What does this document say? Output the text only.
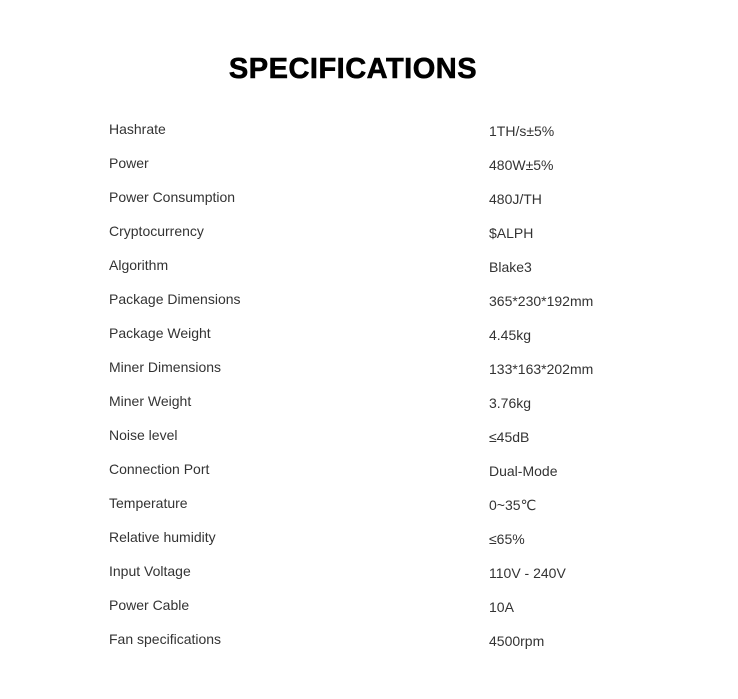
SPECIFICATIONS
Hashrate	1TH/s±5%
Power	480W±5%
Power Consumption	480J/TH
Cryptocurrency	$ALPH
Algorithm	Blake3
Package Dimensions	365*230*192mm
Package Weight	4.45kg
Miner Dimensions	133*163*202mm
Miner Weight	3.76kg
Noise level	≤45dB
Connection Port	Dual-Mode
Temperature	0~35℃
Relative humidity	≤65%
Input Voltage	110V - 240V
Power Cable	10A
Fan specifications	4500rpm
